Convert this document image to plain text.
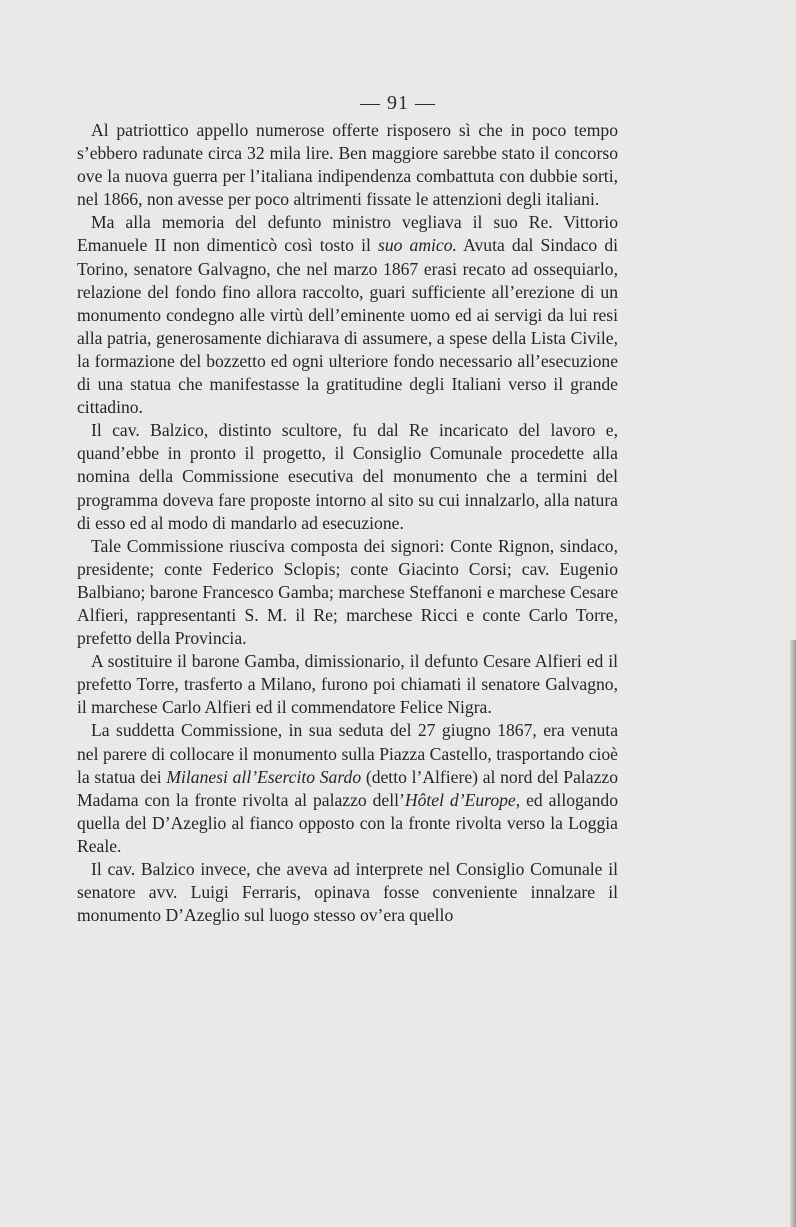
— 91 —

Al patriottico appello numerose offerte risposero sì che in poco tempo s’ebbero radunate circa 32 mila lire. Ben maggiore sarebbe stato il concorso ove la nuova guerra per l’italiana indipendenza combattuta con dubbie sorti, nel 1866, non avesse per poco altrimenti fissate le attenzioni degli italiani.

Ma alla memoria del defunto ministro vegliava il suo Re. Vittorio Emanuele II non dimenticò così tosto il suo amico. Avuta dal Sindaco di Torino, senatore Galvagno, che nel marzo 1867 erasi recato ad ossequiarlo, relazione del fondo fino allora raccolto, guari sufficiente all’erezione di un monumento condegno alle virtù dell’eminente uomo ed ai servigi da lui resi alla patria, generosamente dichiarava di assumere, a spese della Lista Civile, la formazione del bozzetto ed ogni ulteriore fondo necessario all’esecuzione di una statua che manifestasse la gratitudine degli Italiani verso il grande cittadino.

Il cav. Balzico, distinto scultore, fu dal Re incaricato del lavoro e, quand’ebbe in pronto il progetto, il Consiglio Comunale procedette alla nomina della Commissione esecutiva del monumento che a termini del programma doveva fare proposte intorno al sito su cui innalzarlo, alla natura di esso ed al modo di mandarlo ad esecuzione.

Tale Commissione riusciva composta dei signori: Conte Rignon, sindaco, presidente; conte Federico Sclopis; conte Giacinto Corsi; cav. Eugenio Balbiano; barone Francesco Gamba; marchese Steffanoni e marchese Cesare Alfieri, rappresentanti S. M. il Re; marchese Ricci e conte Carlo Torre, prefetto della Provincia.

A sostituire il barone Gamba, dimissionario, il defunto Cesare Alfieri ed il prefetto Torre, trasferto a Milano, furono poi chiamati il senatore Galvagno, il marchese Carlo Alfieri ed il commendatore Felice Nigra.

La suddetta Commissione, in sua seduta del 27 giugno 1867, era venuta nel parere di collocare il monumento sulla Piazza Castello, trasportando cioè la statua dei Milanesi all’Esercito Sardo (detto l’Alfiere) al nord del Palazzo Madama con la fronte rivolta al palazzo dell’Hôtel d’Europe, ed allogando quella del D’Azeglio al fianco opposto con la fronte rivolta verso la Loggia Reale.

Il cav. Balzico invece, che aveva ad interprete nel Consiglio Comunale il senatore avv. Luigi Ferraris, opinava fosse conveniente innalzare il monumento D’Azeglio sul luogo stesso ov’era quello
